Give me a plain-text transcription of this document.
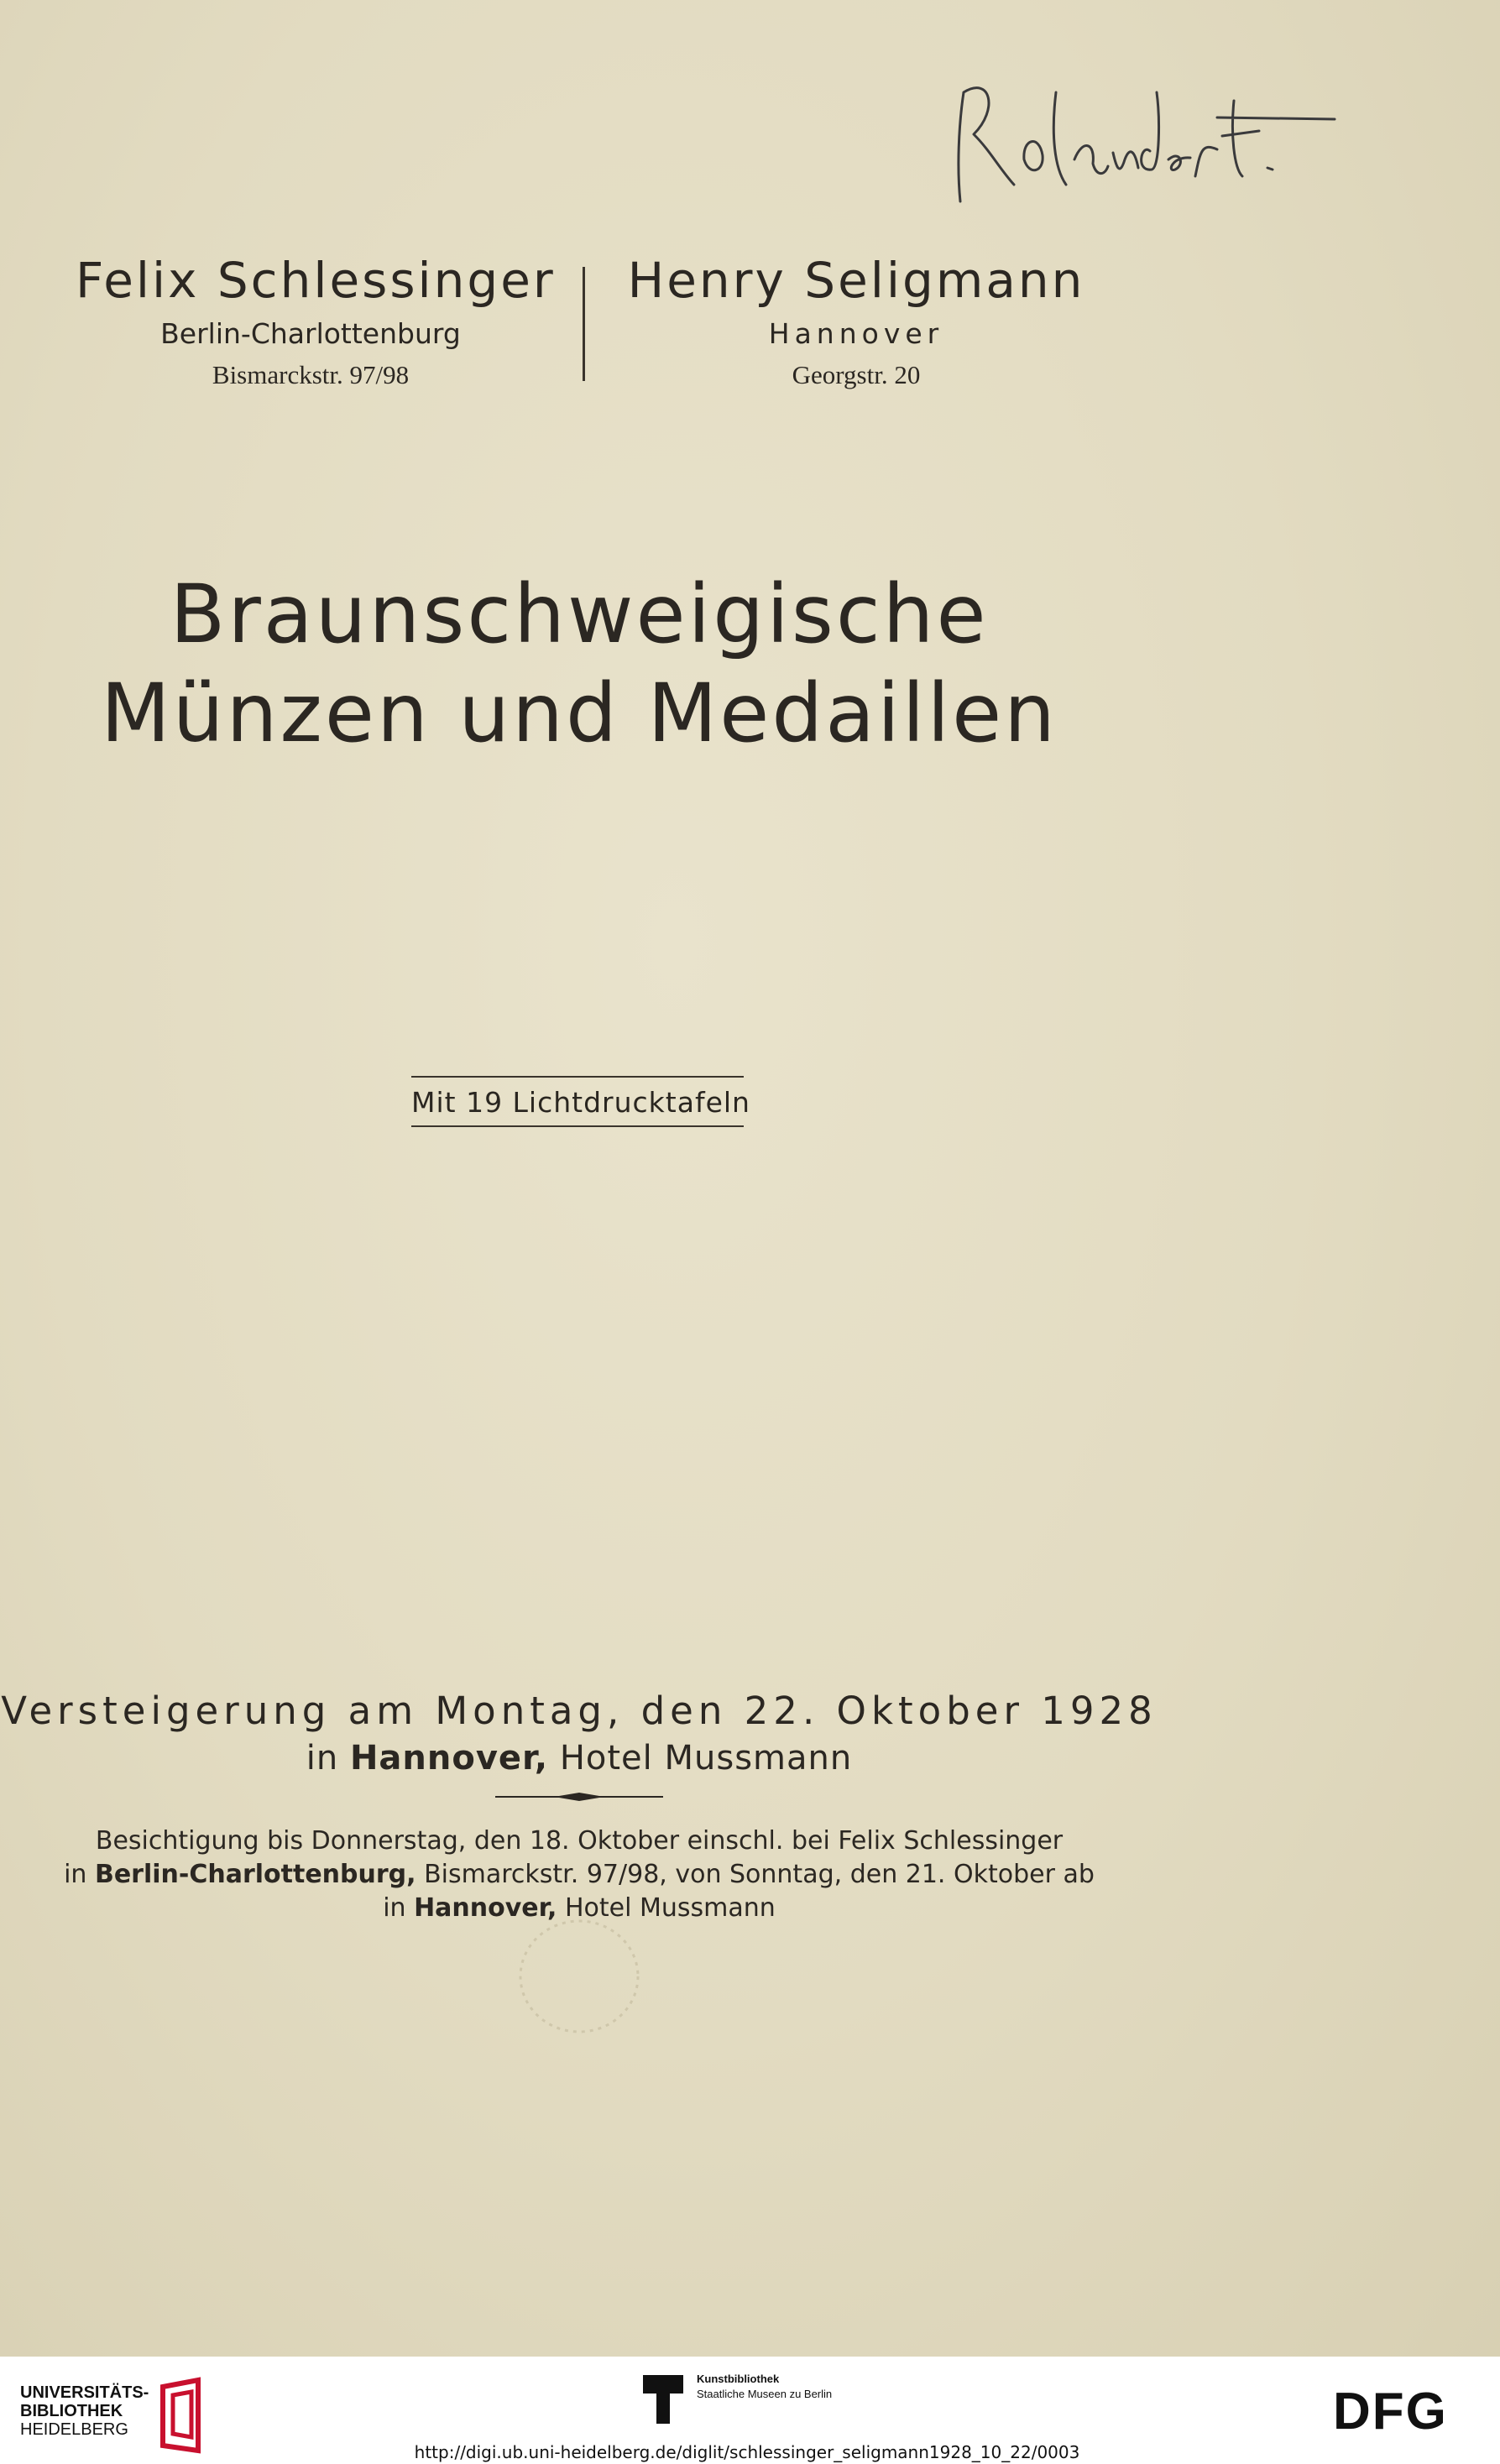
Felix Schlessinger
Berlin-Charlottenburg
Bismarckstr. 97/98
Henry Seligmann
Hannover
Georgstr. 20
Braunschweigische
Münzen und Medaillen
Mit 19 Lichtdrucktafeln
Versteigerung am Montag, den 22. Oktober 1928
in Hannover, Hotel Mussmann
Besichtigung bis Donnerstag, den 18. Oktober einschl. bei Felix Schlessinger
in Berlin-Charlottenburg, Bismarckstr. 97/98, von Sonntag, den 21. Oktober ab
in Hannover, Hotel Mussmann
UNIVERSITÄTS-
BIBLIOTHEK
HEIDELBERG
Kunstbibliothek
Staatliche Museen zu Berlin	DFG
http://digi.ub.uni-heidelberg.de/diglit/schlessinger_seligmann1928_10_22/0003
